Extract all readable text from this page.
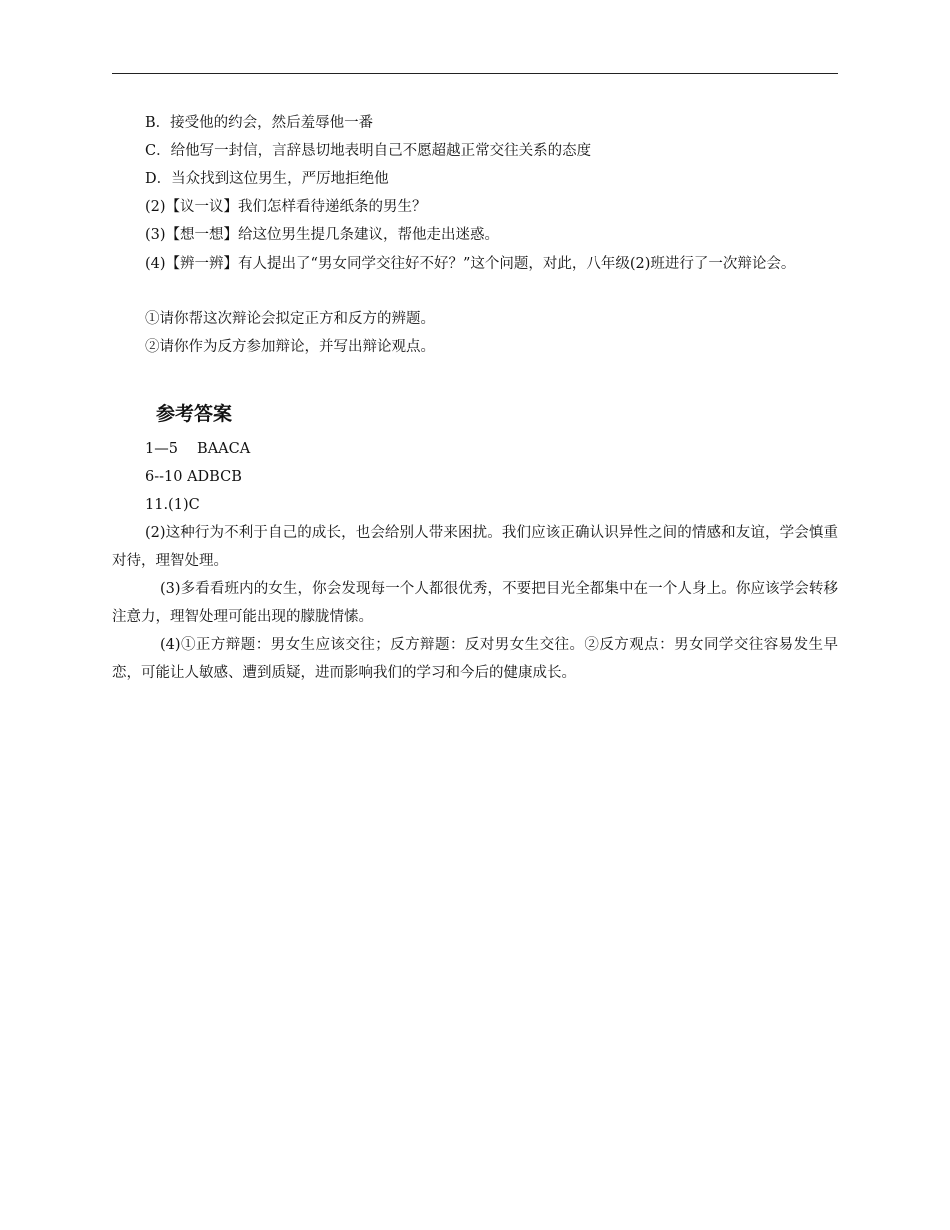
B．接受他的约会，然后羞辱他一番
C．给他写一封信，言辞恳切地表明自己不愿超越正常交往关系的态度
D．当众找到这位男生，严厉地拒绝他
(2)【议一议】我们怎样看待递纸条的男生？
(3)【想一想】给这位男生提几条建议，帮他走出迷惑。
(4)【辨一辨】有人提出了“男女同学交往好不好？”这个问题，对此，八年级(2)班进行了一次辩论会。
①请你帮这次辩论会拟定正方和反方的辨题。
②请你作为反方参加辩论，并写出辩论观点。
参考答案
1—5　 BAACA
6--10 ADBCB
11.(1)C
(2)这种行为不利于自己的成长，也会给别人带来困扰。我们应该正确认识异性之间的情感和友谊，学会慎重对待，理智处理。
(3)多看看班内的女生，你会发现每一个人都很优秀，不要把目光全都集中在一个人身上。你应该学会转移注意力，理智处理可能出现的朦胧情愫。
(4)①正方辩题：男女生应该交往；反方辩题：反对男女生交往。②反方观点：男女同学交往容易发生早恋，可能让人敏感、遭到质疑，进而影响我们的学习和今后的健康成长。
